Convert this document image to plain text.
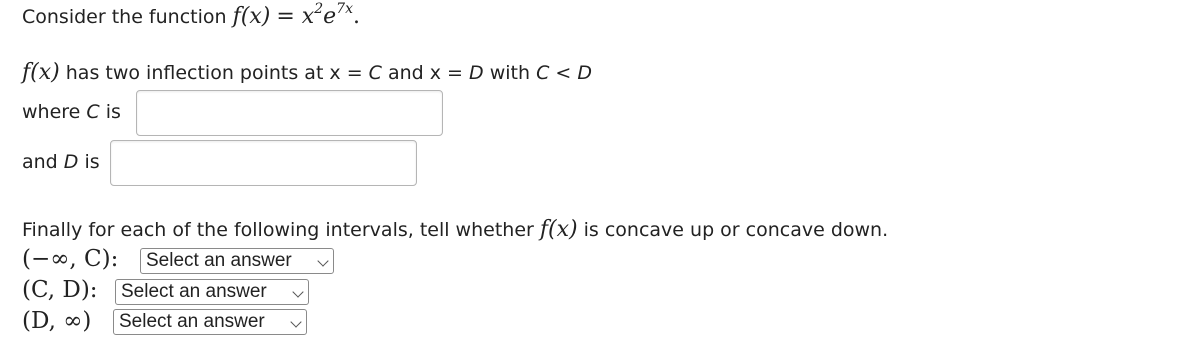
Consider the function $f(x) = x^2e^{7x}$.
f(x) has two inflection points at x = C and x = D with C < D
where C is
and D is
Finally for each of the following intervals, tell whether f(x) is concave up or concave down.
(−∞, C):	Select an answer
(C, D):	Select an answer
(D, ∞)	Select an answer
